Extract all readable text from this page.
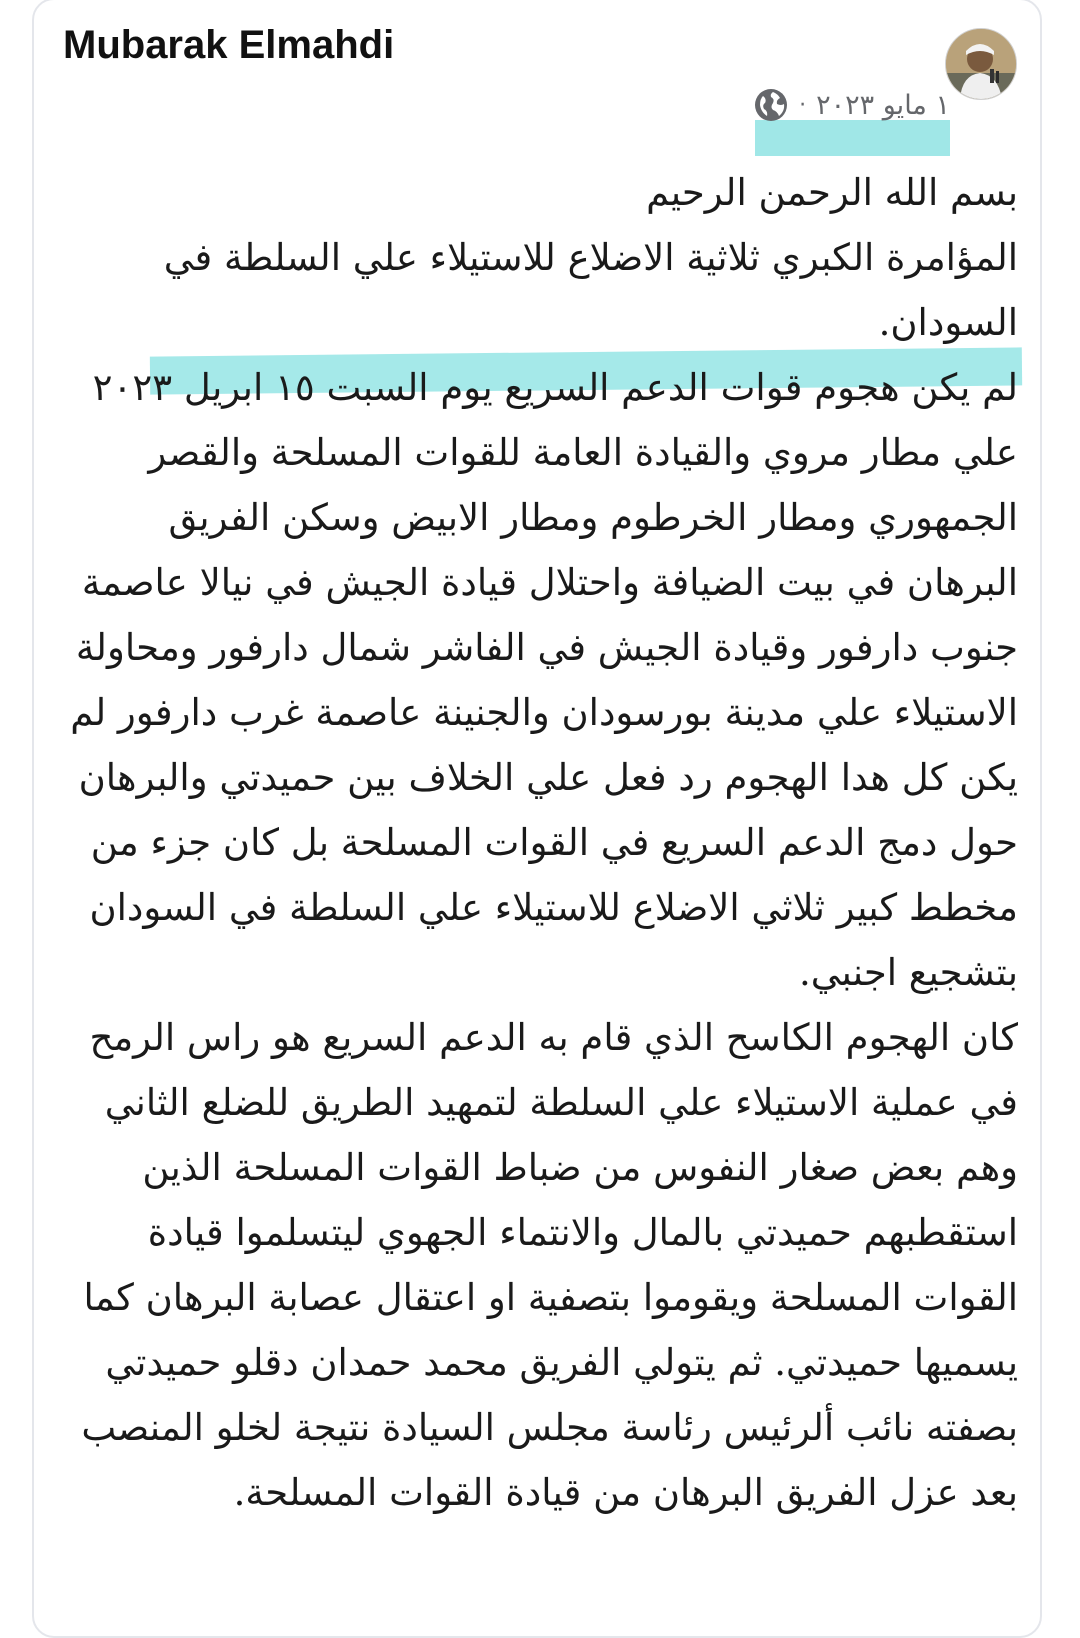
Mubarak Elmahdi
١ مايو ٢٠٢٣
·

بسم الله الرحمن الرحيم

المؤامرة الكبري ثلاثية الاضلاع للاستيلاء علي السلطة في السودان.

لم يكن هجوم قوات الدعم السريع يوم السبت ١٥ ابريل ٢٠٢٣ علي مطار مروي والقيادة العامة للقوات المسلحة والقصر الجمهوري ومطار الخرطوم ومطار الابيض وسكن الفريق البرهان في بيت الضيافة واحتلال قيادة الجيش في نيالا عاصمة جنوب دارفور وقيادة الجيش في الفاشر شمال دارفور ومحاولة الاستيلاء علي مدينة بورسودان والجنينة عاصمة غرب دارفور لم يكن كل هدا الهجوم رد فعل علي الخلاف بين حميدتي والبرهان حول دمج الدعم السريع في القوات المسلحة بل كان جزء من مخطط كبير ثلاثي الاضلاع للاستيلاء علي السلطة في السودان بتشجيع اجنبي.

كان الهجوم الكاسح الذي قام به الدعم السريع هو راس الرمح في عملية الاستيلاء علي السلطة لتمهيد الطريق للضلع الثاني وهم بعض صغار النفوس من ضباط القوات المسلحة الذين استقطبهم حميدتي بالمال والانتماء الجهوي ليتسلموا قيادة القوات المسلحة ويقوموا بتصفية او اعتقال عصابة البرهان كما يسميها حميدتي. ثم يتولي الفريق محمد حمدان دقلو حميدتي بصفته نائب ألرئيس رئاسة مجلس السيادة نتيجة لخلو المنصب بعد عزل الفريق البرهان من قيادة القوات المسلحة.
